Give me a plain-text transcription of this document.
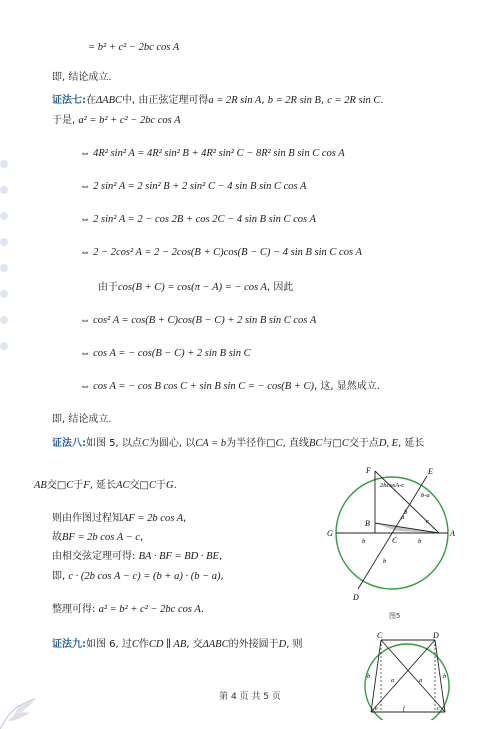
= b² + c² − 2bc cos A
即, 结论成立.
证法七:在ΔABC中, 由正弦定理可得a = 2R sin A, b = 2R sin B, c = 2R sin C.
于是, a² = b² + c² − 2bc cos A
⇔ 4R² sin² A = 4R² sin² B + 4R² sin² C − 8R² sin B sin C cos A
⇔ 2 sin² A = 2 sin² B + 2 sin² C − 4 sin B sin C cos A
⇔ 2 sin² A = 2 − cos 2B + cos 2C − 4 sin B sin C cos A
⇔ 2 − 2cos² A = 2 − 2cos(B + C)cos(B − C) − 4 sin B sin C cos A
由于cos(B + C) = cos(π − A) = − cos A, 因此
⇔ cos² A = cos(B + C)cos(B − C) + 2 sin B sin C cos A
⇔ cos A = − cos(B − C) + 2 sin B sin C
⇔ cos A = − cos B cos C + sin B sin C = − cos(B + C), 这, 显然成立.
即, 结论成立.
证法八:如图 5, 以点C为圆心, 以CA = b为半径作□C, 直线BC与□C交于点D, E, 延长
AB交□C于F, 延长AC交□C于G.
则由作图过程知AF = 2b cos A,
故BF = 2b cos A − c,
由相交弦定理可得: BA · BF = BD · BE,
即, c · (2b cos A − c) = (b + a) · (b − a),
整理可得: a² = b² + c² − 2bc cos A.
证法九:如图 6, 过C作CD ∥ AB, 交ΔABC的外接圆于D, 则
F	E
G	A
B
C
D
2bcosA-c
b-a
a
c
b	b
b
b
图5
C	D
b
a	a
b
e	f	c
第 4 页 共 5 页
